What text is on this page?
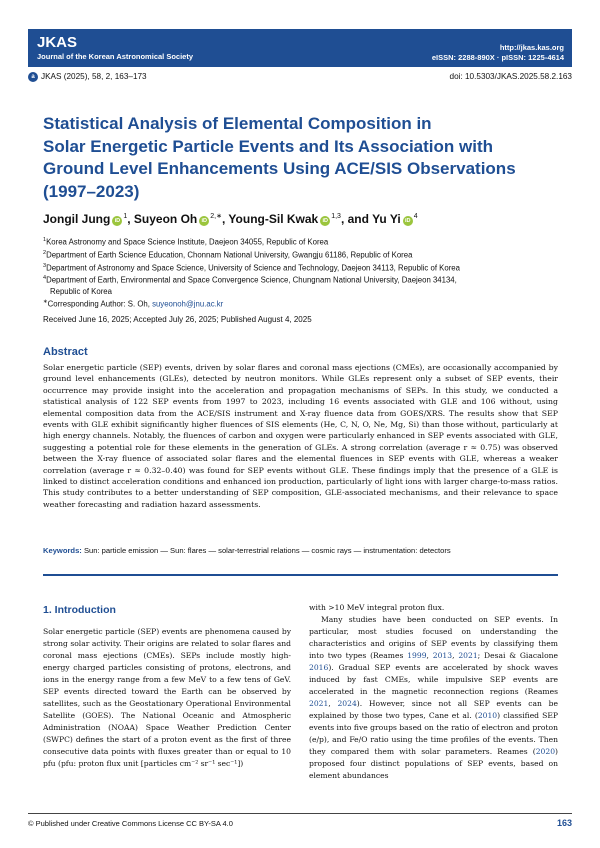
JKAS
Journal of the Korean Astronomical Society
http://jkas.kas.org
eISSN: 2288-890X · pISSN: 1225-4614
a JKAS (2025), 58, 2, 163–173	doi: 10.5303/JKAS.2025.58.2.163
Statistical Analysis of Elemental Composition in
Solar Energetic Particle Events and Its Association with
Ground Level Enhancements Using ACE/SIS Observations
(1997–2023)
Jongil Jung $iD^1$, Suyeon Oh $iD^{2,∗}$, Young-Sil Kwak iD$^{1,3}$, and Yu Yi $iD^4$
$^1$Korea Astronomy and Space Science Institute, Daejeon 34055, Republic of Korea
$^2$Department of Earth Science Education, Chonnam National University, Gwangju 61186, Republic of Korea
$^3$Department of Astronomy and Space Science, University of Science and Technology, Daejeon 34113, Republic of Korea
$^4$Department of Earth, Environmental and Space Convergence Science, Chungnam National University, Daejeon 34134,
Republic of Korea
∗Corresponding Author: S. Oh, suyeonoh@jnu.ac.kr
Received June 16, 2025; Accepted July 26, 2025; Published August 4, 2025
Abstract
Solar energetic particle (SEP) events, driven by solar flares and coronal mass ejections (CMEs), are occasionally accompanied by ground level enhancements (GLEs), detected by neutron monitors. While GLEs represent only a subset of SEP events, their occurrence may provide insight into the acceleration and propagation mechanisms of SEPs. In this study, we conducted a statistical analysis of 122 SEP events from 1997 to 2023, including 16 events associated with GLE and 106 without, using elemental composition data from the ACE/SIS instrument and X-ray fluence data from GOES/XRS. The results show that SEP events with GLE exhibit significantly higher fluences of SIS elements (He, C, N, O, Ne, Mg, Si) than those without, particularly at high energy channels. Notably, the fluences of carbon and oxygen were particularly enhanced in SEP events associated with GLE, suggesting a potential role for these elements in the generation of GLEs. A strong correlation (average r ≈ 0.75) was observed between the X-ray fluence of associated solar flares and the elemental fluences in SEP events with GLE, whereas a weaker correlation (average r ≈ 0.32–0.40) was found for SEP events without GLE. These findings imply that the presence of a GLE is linked to distinct acceleration conditions and enhanced ion production, particularly of light ions with larger charge-to-mass ratios. This study contributes to a better understanding of SEP composition, GLE-associated mechanisms, and their relevance to space weather forecasting and radiation hazard assessments.
Keywords: Sun: particle emission — Sun: flares — solar-terrestrial relations — cosmic rays — instrumentation: detectors
1. Introduction

Solar energetic particle (SEP) events are phenomena caused by strong solar activity. Their origins are related to solar flares and coronal mass ejections (CMEs). SEPs include mostly high-energy charged particles consisting of protons, electrons, and ions in the energy range from a few MeV to a few tens of GeV. SEP events directed toward the Earth can be observed by satellites, such as the Geostationary Operational Environmental Satellite (GOES). The National Oceanic and Atmospheric Administration (NOAA) Space Weather Prediction Center (SWPC) defines the start of a proton event as the first of three consecutive data points with fluxes greater than or equal to 10 pfu (pfu: proton flux unit [particles cm⁻² sr⁻¹ sec⁻¹])

with >10 MeV integral proton flux.

Many studies have been conducted on SEP events. In particular, most studies focused on understanding the characteristics and origins of SEP events by classifying them into two types (Reames 1999, 2013, 2021; Desai & Giacalone 2016). Gradual SEP events are accelerated by shock waves induced by fast CMEs, while impulsive SEP events are accelerated in the magnetic reconnection regions (Reames 2021, 2024). However, since not all SEP events can be explained by those two types, Cane et al. (2010) classified SEP events into five groups based on the ratio of electron and proton (e/p), and Fe/O ratio using the time profiles of the events. Then they compared them with solar parameters. Reames (2020) proposed four distinct populations of SEP events, based on element abundances

© Published under Creative Commons License CC BY-SA 4.0	163
